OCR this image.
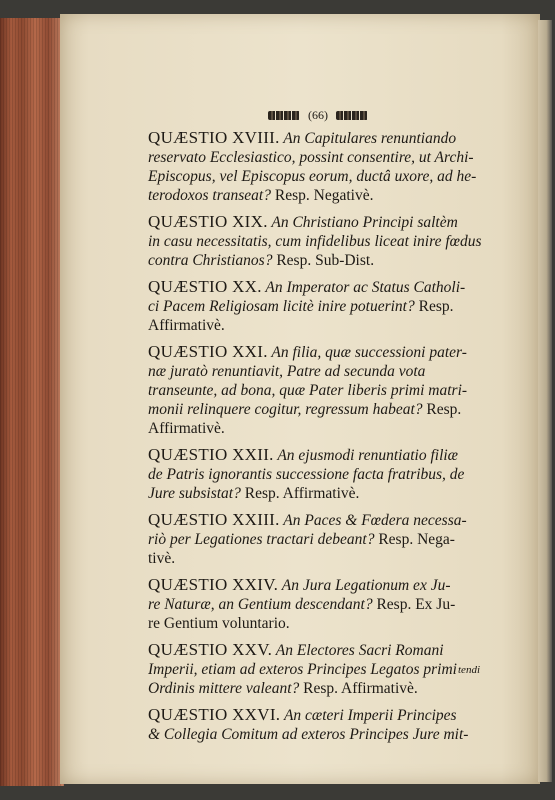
(66)
QUÆSTIO XVIII. An Capitulares renuntiando
reservato Ecclesiastico, possint consentire, ut Archi-
Episcopus, vel Episcopus eorum, ductâ uxore, ad he-
terodoxos transeat? Resp. Negativè.
QUÆSTIO XIX. An Christiano Principi saltèm
in casu necessitatis, cum infidelibus liceat inire fœdus
contra Christianos? Resp. Sub-Dist.
QUÆSTIO XX. An Imperator ac Status Catholi-
ci Pacem Religiosam licitè inire potuerint? Resp.
Affirmativè.
QUÆSTIO XXI. An filia, quæ successioni pater-
næ juratò renuntiavit, Patre ad secunda vota
transeunte, ad bona, quæ Pater liberis primi matri-
monii relinquere cogitur, regressum habeat? Resp.
Affirmativè.
QUÆSTIO XXII. An ejusmodi renuntiatio filiæ
de Patris ignorantis successione facta fratribus, de
Jure subsistat? Resp. Affirmativè.
QUÆSTIO XXIII. An Paces & Fœdera necessa-
riò per Legationes tractari debeant? Resp. Nega-
tivè.
QUÆSTIO XXIV. An Jura Legationum ex Ju-
re Naturæ, an Gentium descendant? Resp. Ex Ju-
re Gentium voluntario.
QUÆSTIO XXV. An Electores Sacri Romani
Imperii, etiam ad exteros Principes Legatos primi
Ordinis mittere valeant? Resp. Affirmativè.
QUÆSTIO XXVI. An cæteri Imperii Principes
& Collegia Comitum ad exteros Principes Jure mit-
tendi
